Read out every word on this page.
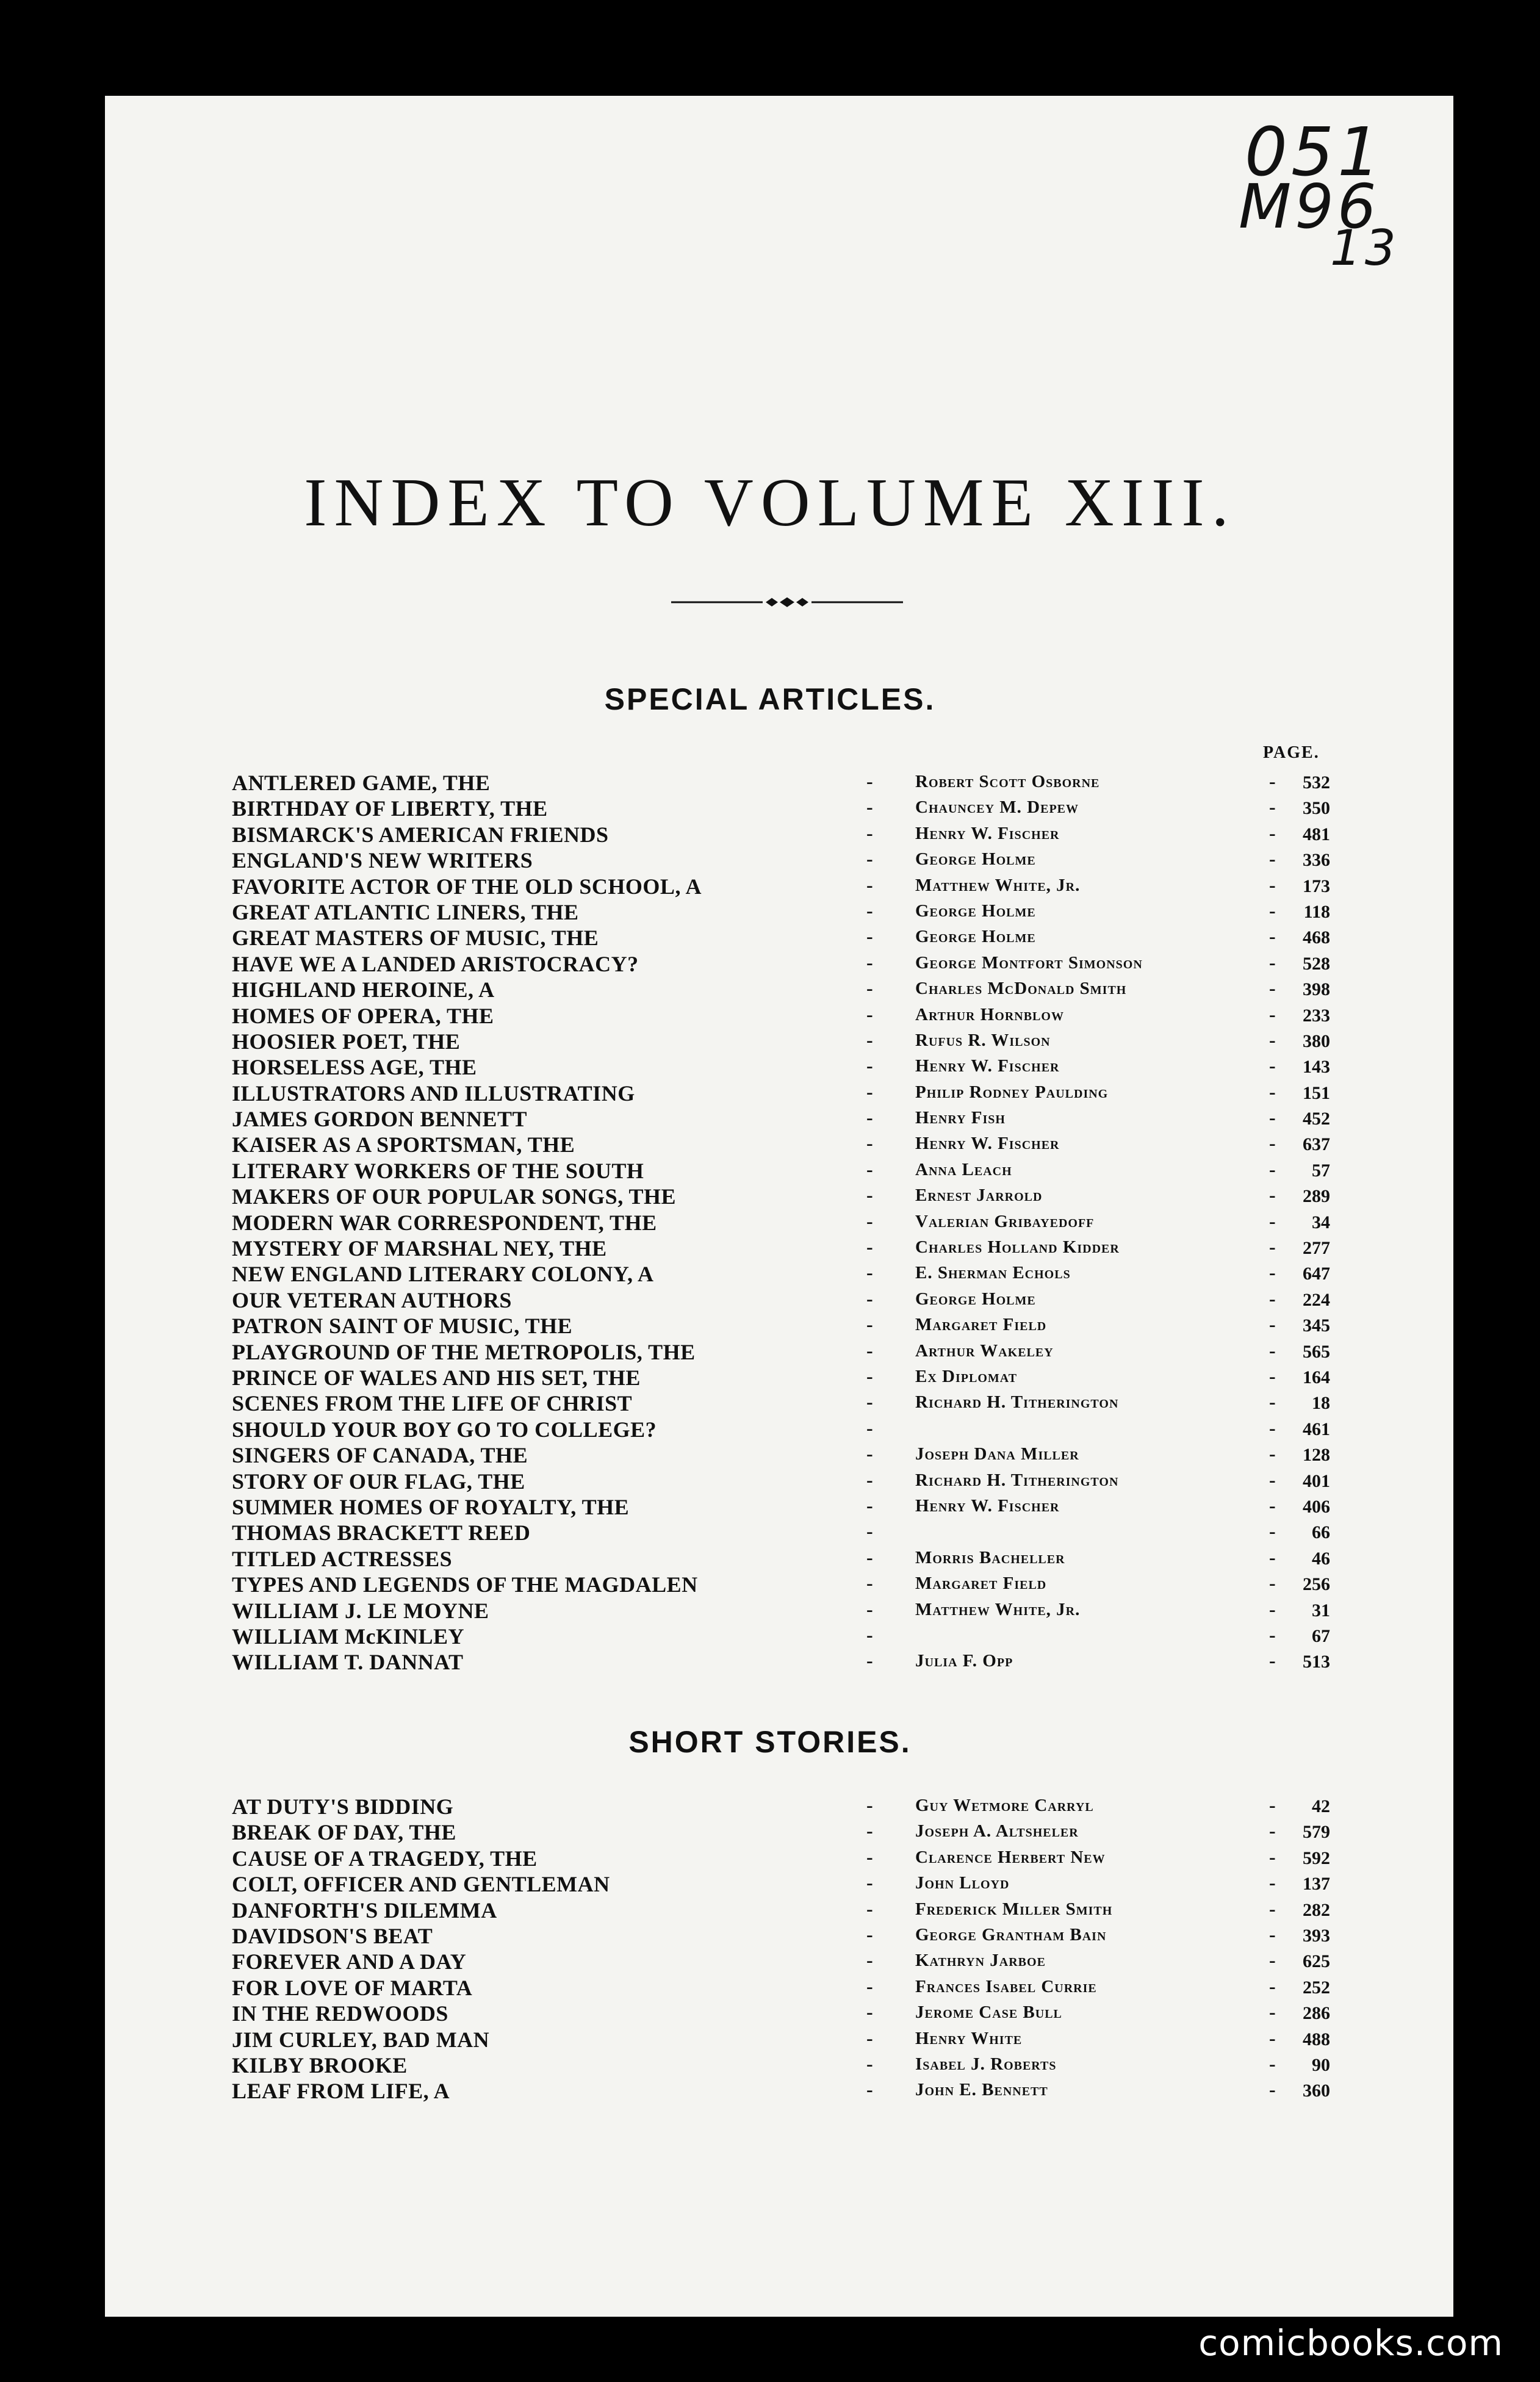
051
M96
13
INDEX TO VOLUME XIII.
SPECIAL ARTICLES.
PAGE.
ANTLERED GAME, THE	- Robert Scott Osborne	- 532
BIRTHDAY OF LIBERTY, THE	- Chauncey M. Depew	- 350
BISMARCK'S AMERICAN FRIENDS	- Henry W. Fischer	- 481
ENGLAND'S NEW WRITERS	- George Holme	- 336
FAVORITE ACTOR OF THE OLD SCHOOL, A	- Matthew White, Jr.	- 173
GREAT ATLANTIC LINERS, THE	- George Holme	- 118
GREAT MASTERS OF MUSIC, THE	- George Holme	- 468
HAVE WE A LANDED ARISTOCRACY?	- George Montfort Simonson	- 528
HIGHLAND HEROINE, A	- Charles McDonald Smith	- 398
HOMES OF OPERA, THE	- Arthur Hornblow	- 233
HOOSIER POET, THE	- Rufus R. Wilson	- 380
HORSELESS AGE, THE	- Henry W. Fischer	- 143
ILLUSTRATORS AND ILLUSTRATING	- Philip Rodney Paulding	- 151
JAMES GORDON BENNETT	- Henry Fish	- 452
KAISER AS A SPORTSMAN, THE	- Henry W. Fischer	- 637
LITERARY WORKERS OF THE SOUTH	- Anna Leach	- 57
MAKERS OF OUR POPULAR SONGS, THE	- Ernest Jarrold	- 289
MODERN WAR CORRESPONDENT, THE	- Valerian Gribayedoff	- 34
MYSTERY OF MARSHAL NEY, THE	- Charles Holland Kidder	- 277
NEW ENGLAND LITERARY COLONY, A	- E. Sherman Echols	- 647
OUR VETERAN AUTHORS	- George Holme	- 224
PATRON SAINT OF MUSIC, THE	- Margaret Field	- 345
PLAYGROUND OF THE METROPOLIS, THE	- Arthur Wakeley	- 565
PRINCE OF WALES AND HIS SET, THE	- Ex Diplomat	- 164
SCENES FROM THE LIFE OF CHRIST	- Richard H. Titherington	- 18
SHOULD YOUR BOY GO TO COLLEGE?	-	- 461
SINGERS OF CANADA, THE	- Joseph Dana Miller	- 128
STORY OF OUR FLAG, THE	- Richard H. Titherington	- 401
SUMMER HOMES OF ROYALTY, THE	- Henry W. Fischer	- 406
THOMAS BRACKETT REED	-	- 66
TITLED ACTRESSES	- Morris Bacheller	- 46
TYPES AND LEGENDS OF THE MAGDALEN	- Margaret Field	- 256
WILLIAM J. LE MOYNE	- Matthew White, Jr.	- 31
WILLIAM McKINLEY	-	- 67
WILLIAM T. DANNAT	- Julia F. Opp	- 513
SHORT STORIES.
AT DUTY'S BIDDING	- Guy Wetmore Carryl	- 42
BREAK OF DAY, THE	- Joseph A. Altsheler	- 579
CAUSE OF A TRAGEDY, THE	- Clarence Herbert New	- 592
COLT, OFFICER AND GENTLEMAN	- John Lloyd	- 137
DANFORTH'S DILEMMA	- Frederick Miller Smith	- 282
DAVIDSON'S BEAT	- George Grantham Bain	- 393
FOREVER AND A DAY	- Kathryn Jarboe	- 625
FOR LOVE OF MARTA	- Frances Isabel Currie	- 252
IN THE REDWOODS	- Jerome Case Bull	- 286
JIM CURLEY, BAD MAN	- Henry White	- 488
KILBY BROOKE	- Isabel J. Roberts	- 90
LEAF FROM LIFE, A	- John E. Bennett	- 360
comicbooks.com
